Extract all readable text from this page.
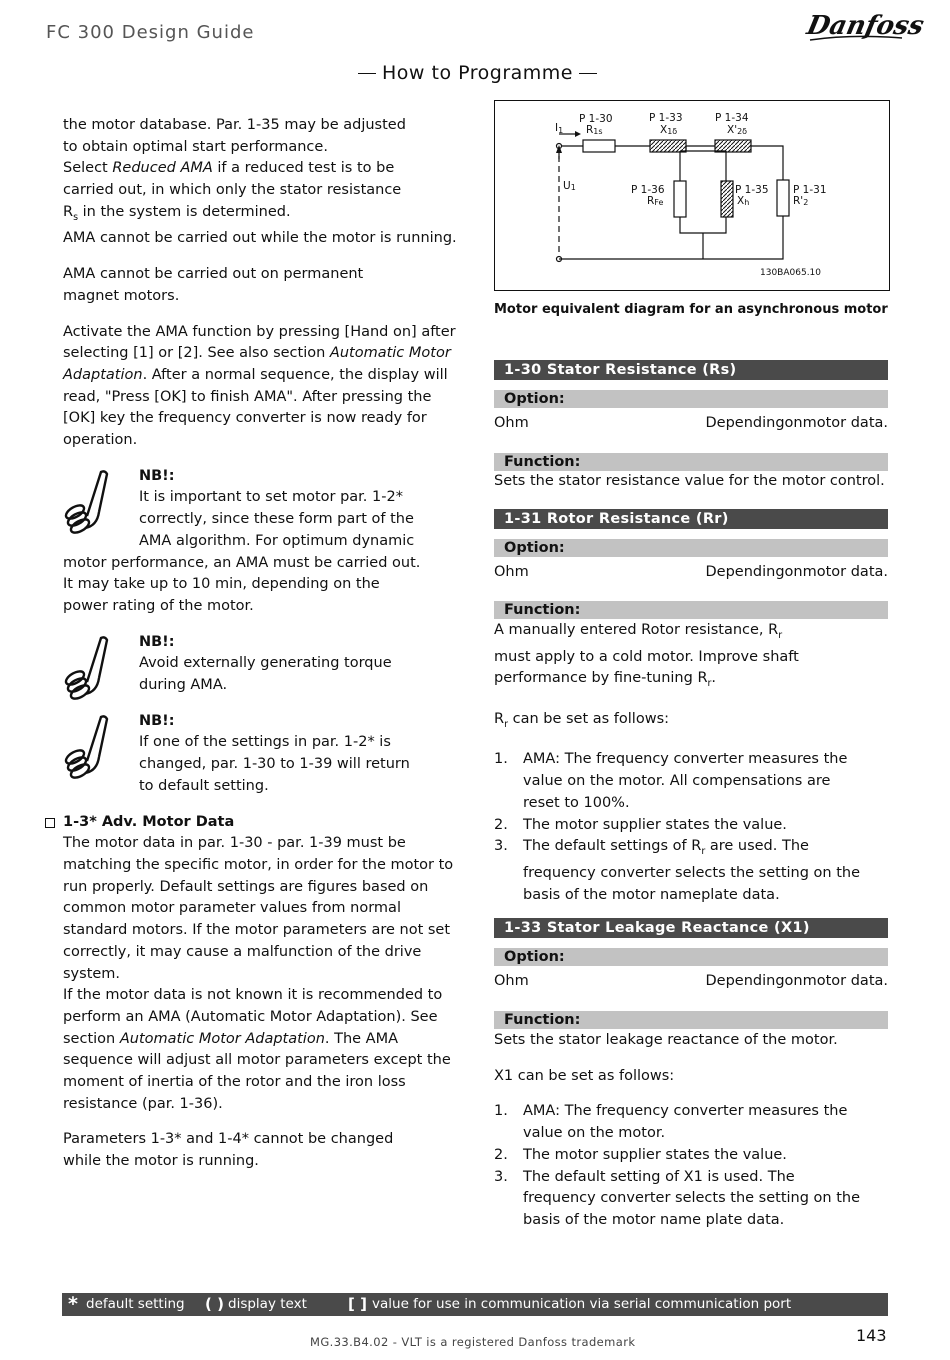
FC 300 Design Guide	Danfoss
How to Programme

the motor database. Par. 1-35 may be adjusted
to obtain optimal start performance.
Select Reduced AMA if a reduced test is to be
carried out, in which only the stator resistance
$R_s$ in the system is determined.
AMA cannot be carried out while the motor is running.

AMA cannot be carried out on permanent magnet motors.

Activate the AMA function by pressing [Hand on] after selecting [1] or [2]. See also section Automatic Motor Adaptation. After a normal sequence, the display will read, "Press [OK] to finish AMA". After pressing the [OK] key the frequency converter is now ready for operation.

NB!:
It is important to set motor par. 1-2* correctly, since these form part of the AMA algorithm. For optimum dynamic
motor performance, an AMA must be carried out. It may take up to 10 min, depending on the power rating of the motor.
NB!:
Avoid externally generating torque during AMA.
NB!:
If one of the settings in par. 1-2* is changed, par. 1-30 to 1-39 will return to default setting.
1-3* Adv. Motor Data

The motor data in par. 1-30 - par. 1-39 must be matching the specific motor, in order for the motor to run properly. Default settings are figures based on common motor parameter values from normal standard motors. If the motor parameters are not set correctly, it may cause a malfunction of the drive system.

If the motor data is not known it is recommended to perform an AMA (Automatic Motor Adaptation). See section Automatic Motor Adaptation. The AMA sequence will adjust all motor parameters except the moment of inertia of the rotor and the iron loss resistance (par. 1-36).

Parameters 1-3* and 1-4* cannot be changed while the motor is running.

P 1-30
R1s
P 1-33
X1δ
P 1-34
X'2δ
I1
U1	P 1-36
RFe
P 1-35
Xh
P 1-31
R'2
130BA065.10
Motor equivalent diagram for an asynchronous motor
1-30 Stator Resistance (Rs)
Option:
Ohm	Dependingonmotor data.
Function:
Sets the stator resistance value for the motor control.
1-31 Rotor Resistance (Rr)
Option:
Ohm	Dependingonmotor data.
Function:

A manually entered Rotor resistance, $R_r$

must apply to a cold motor. Improve shaft

performance by fine-tuning $R_r$.

$R_r$ can be set as follows:

1. AMA: The frequency converter measures the value on the motor. All compensations are reset to 100%.
2. The motor supplier states the value.
3. The default settings of $R_r$ are used. The frequency converter selects the setting on the basis of the motor nameplate data.
1-33 Stator Leakage Reactance (X1)
Option:
Ohm	Dependingonmotor data.
Function:

Sets the stator leakage reactance of the motor.

X1 can be set as follows:

1. AMA: The frequency converter measures the value on the motor.
2. The motor supplier states the value.
3. The default setting of X1 is used. The frequency converter selects the setting on the basis of the motor name plate data.
* default setting ( ) display text	[ ] value for use in communication via serial communication port
MG.33.B4.02 - VLT is a registered Danfoss trademark	143
